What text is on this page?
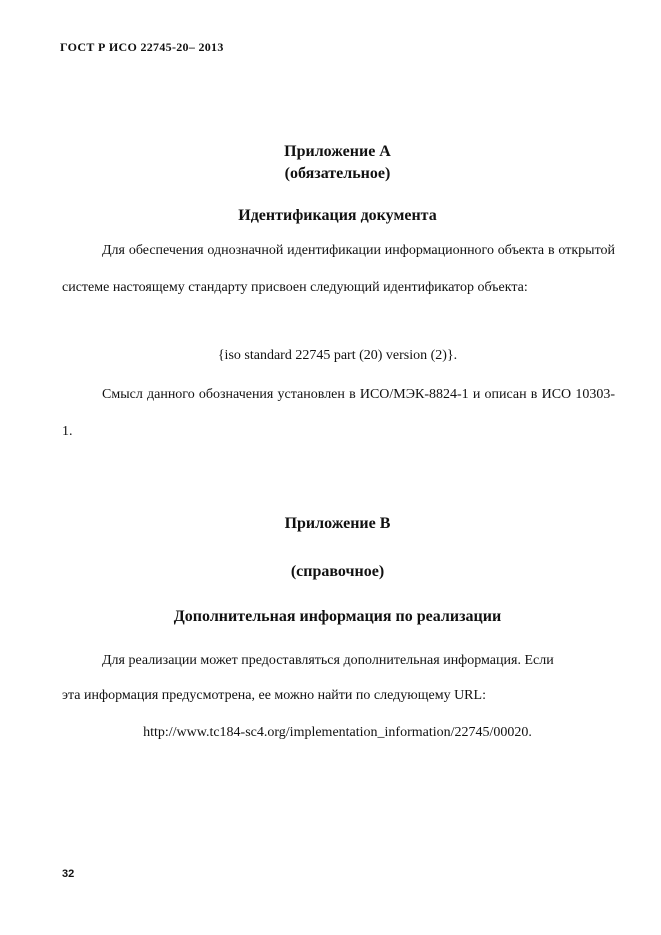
ГОСТ Р ИСО 22745-20– 2013
Приложение А
(обязательное)
Идентификация документа
Для обеспечения однозначной идентификации информационного объекта в открытой системе настоящему стандарту присвоен следующий идентификатор объекта:
{iso standard 22745 part (20) version (2)}.
Смысл данного обозначения установлен в ИСО/МЭК-8824-1 и описан в ИСО 10303-1.
Приложение В
(справочное)
Дополнительная информация по реализации
Для реализации может предоставляться дополнительная информация. Если
эта информация предусмотрена, ее можно найти по следующему URL:
http://www.tc184-sc4.org/implementation_information/22745/00020.
32
